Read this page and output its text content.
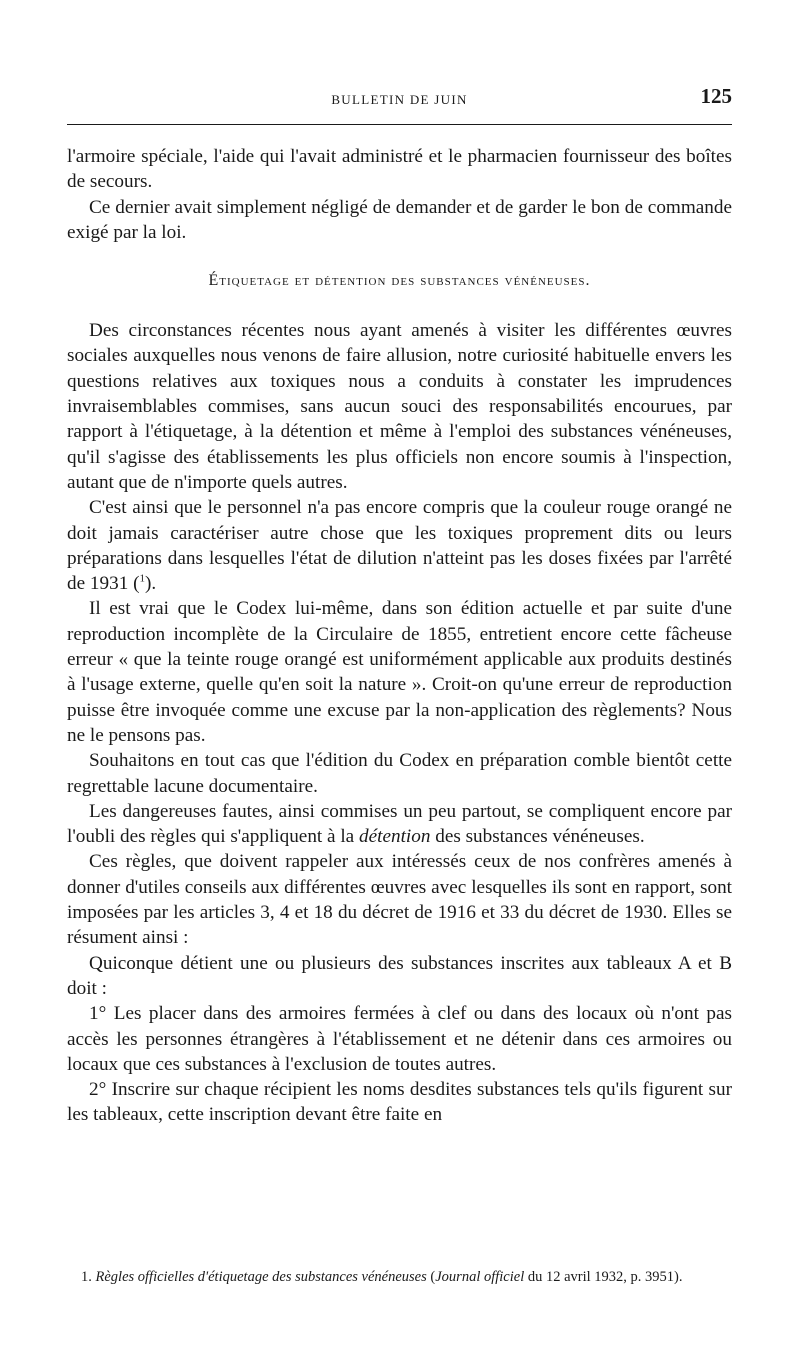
BULLETIN DE JUIN	125

l'armoire spéciale, l'aide qui l'avait administré et le pharmacien fournisseur des boîtes de secours.

Ce dernier avait simplement négligé de demander et de garder le bon de commande exigé par la loi.

Étiquetage et détention des substances vénéneuses.

Des circonstances récentes nous ayant amenés à visiter les différentes œuvres sociales auxquelles nous venons de faire allusion, notre curiosité habituelle envers les questions relatives aux toxiques nous a conduits à constater les imprudences invraisemblables commises, sans aucun souci des responsabilités encourues, par rapport à l'étiquetage, à la détention et même à l'emploi des substances vénéneuses, qu'il s'agisse des établissements les plus officiels non encore soumis à l'inspection, autant que de n'importe quels autres.

C'est ainsi que le personnel n'a pas encore compris que la couleur rouge orangé ne doit jamais caractériser autre chose que les toxiques proprement dits ou leurs préparations dans lesquelles l'état de dilution n'atteint pas les doses fixées par l'arrêté de 1931 ($^1$).

Il est vrai que le Codex lui-même, dans son édition actuelle et par suite d'une reproduction incomplète de la Circulaire de 1855, entretient encore cette fâcheuse erreur « que la teinte rouge orangé est uniformément applicable aux produits destinés à l'usage externe, quelle qu'en soit la nature ». Croit-on qu'une erreur de reproduction puisse être invoquée comme une excuse par la non-application des règlements? Nous ne le pensons pas.

Souhaitons en tout cas que l'édition du Codex en préparation comble bientôt cette regrettable lacune documentaire.

Les dangereuses fautes, ainsi commises un peu partout, se compliquent encore par l'oubli des règles qui s'appliquent à la détention des substances vénéneuses.

Ces règles, que doivent rappeler aux intéressés ceux de nos confrères amenés à donner d'utiles conseils aux différentes œuvres avec lesquelles ils sont en rapport, sont imposées par les articles 3, 4 et 18 du décret de 1916 et 33 du décret de 1930. Elles se résument ainsi :

Quiconque détient une ou plusieurs des substances inscrites aux tableaux A et B doit :

1° Les placer dans des armoires fermées à clef ou dans des locaux où n'ont pas accès les personnes étrangères à l'établissement et ne détenir dans ces armoires ou locaux que ces substances à l'exclusion de toutes autres.

2° Inscrire sur chaque récipient les noms desdites substances tels qu'ils figurent sur les tableaux, cette inscription devant être faite en

1. Règles officielles d'étiquetage des substances vénéneuses (Journal officiel du 12 avril 1932, p. 3951).
